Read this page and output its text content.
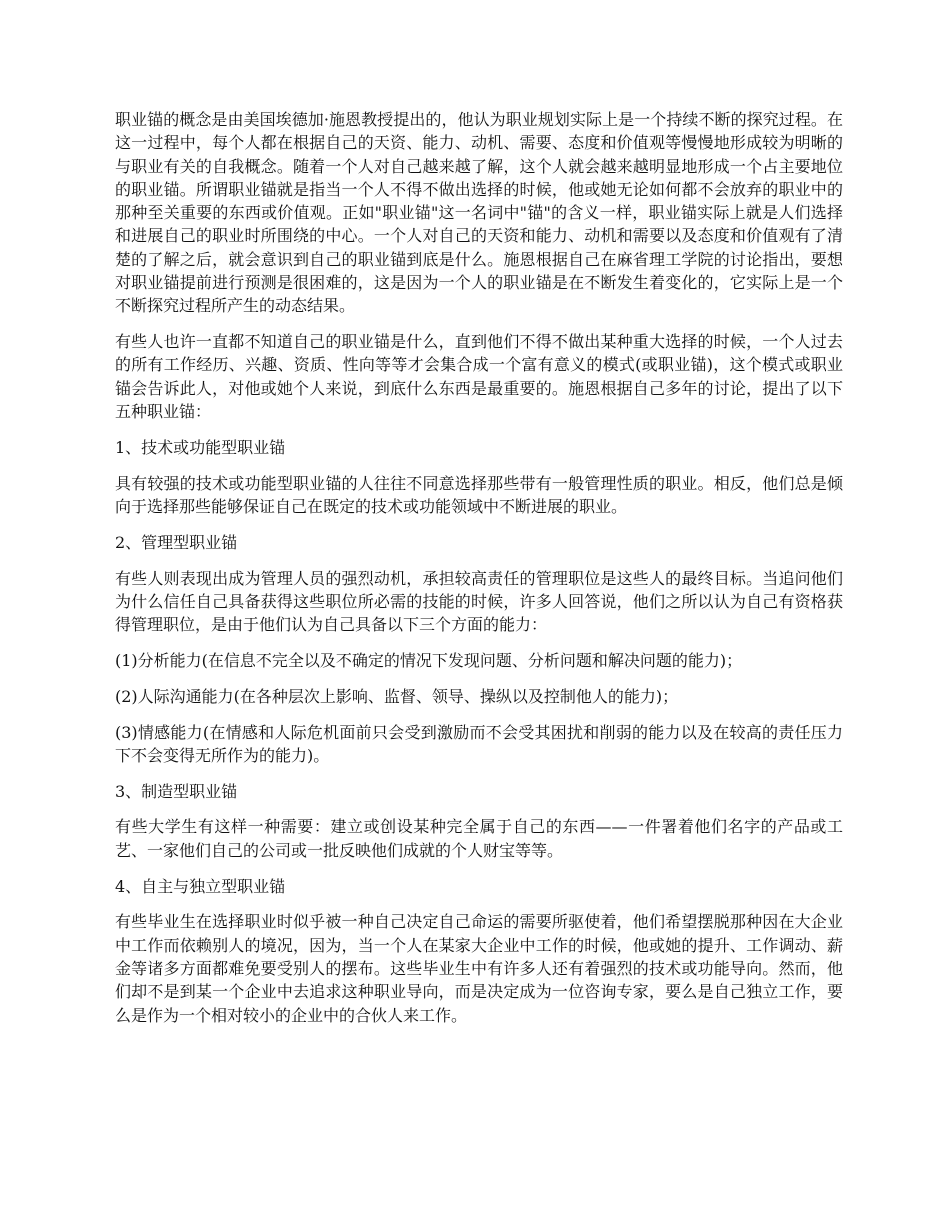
职业锚的概念是由美国埃德加·施恩教授提出的，他认为职业规划实际上是一个持续不断的探究过程。在这一过程中，每个人都在根据自己的天资、能力、动机、需要、态度和价值观等慢慢地形成较为明晰的与职业有关的自我概念。随着一个人对自己越来越了解，这个人就会越来越明显地形成一个占主要地位的职业锚。所谓职业锚就是指当一个人不得不做出选择的时候，他或她无论如何都不会放弃的职业中的那种至关重要的东西或价值观。正如"职业锚"这一名词中"锚"的含义一样，职业锚实际上就是人们选择和进展自己的职业时所围绕的中心。一个人对自己的天资和能力、动机和需要以及态度和价值观有了清楚的了解之后，就会意识到自己的职业锚到底是什么。施恩根据自己在麻省理工学院的讨论指出，要想对职业锚提前进行预测是很困难的，这是因为一个人的职业锚是在不断发生着变化的，它实际上是一个不断探究过程所产生的动态结果。

有些人也许一直都不知道自己的职业锚是什么，直到他们不得不做出某种重大选择的时候，一个人过去的所有工作经历、兴趣、资质、性向等等才会集合成一个富有意义的模式(或职业锚)，这个模式或职业锚会告诉此人，对他或她个人来说，到底什么东西是最重要的。施恩根据自己多年的讨论，提出了以下五种职业锚：

1、技术或功能型职业锚

具有较强的技术或功能型职业锚的人往往不同意选择那些带有一般管理性质的职业。相反，他们总是倾向于选择那些能够保证自己在既定的技术或功能领域中不断进展的职业。

2、管理型职业锚

有些人则表现出成为管理人员的强烈动机，承担较高责任的管理职位是这些人的最终目标。当追问他们为什么信任自己具备获得这些职位所必需的技能的时候，许多人回答说，他们之所以认为自己有资格获得管理职位，是由于他们认为自己具备以下三个方面的能力：

(1)分析能力(在信息不完全以及不确定的情况下发现问题、分析问题和解决问题的能力)；

(2)人际沟通能力(在各种层次上影响、监督、领导、操纵以及控制他人的能力)；

(3)情感能力(在情感和人际危机面前只会受到激励而不会受其困扰和削弱的能力以及在较高的责任压力下不会变得无所作为的能力)。

3、制造型职业锚

有些大学生有这样一种需要：建立或创设某种完全属于自己的东西——一件署着他们名字的产品或工艺、一家他们自己的公司或一批反映他们成就的个人财宝等等。

4、自主与独立型职业锚

有些毕业生在选择职业时似乎被一种自己决定自己命运的需要所驱使着，他们希望摆脱那种因在大企业中工作而依赖别人的境况，因为，当一个人在某家大企业中工作的时候，他或她的提升、工作调动、薪金等诸多方面都难免要受别人的摆布。这些毕业生中有许多人还有着强烈的技术或功能导向。然而，他们却不是到某一个企业中去追求这种职业导向，而是决定成为一位咨询专家，要么是自己独立工作，要么是作为一个相对较小的企业中的合伙人来工作。
